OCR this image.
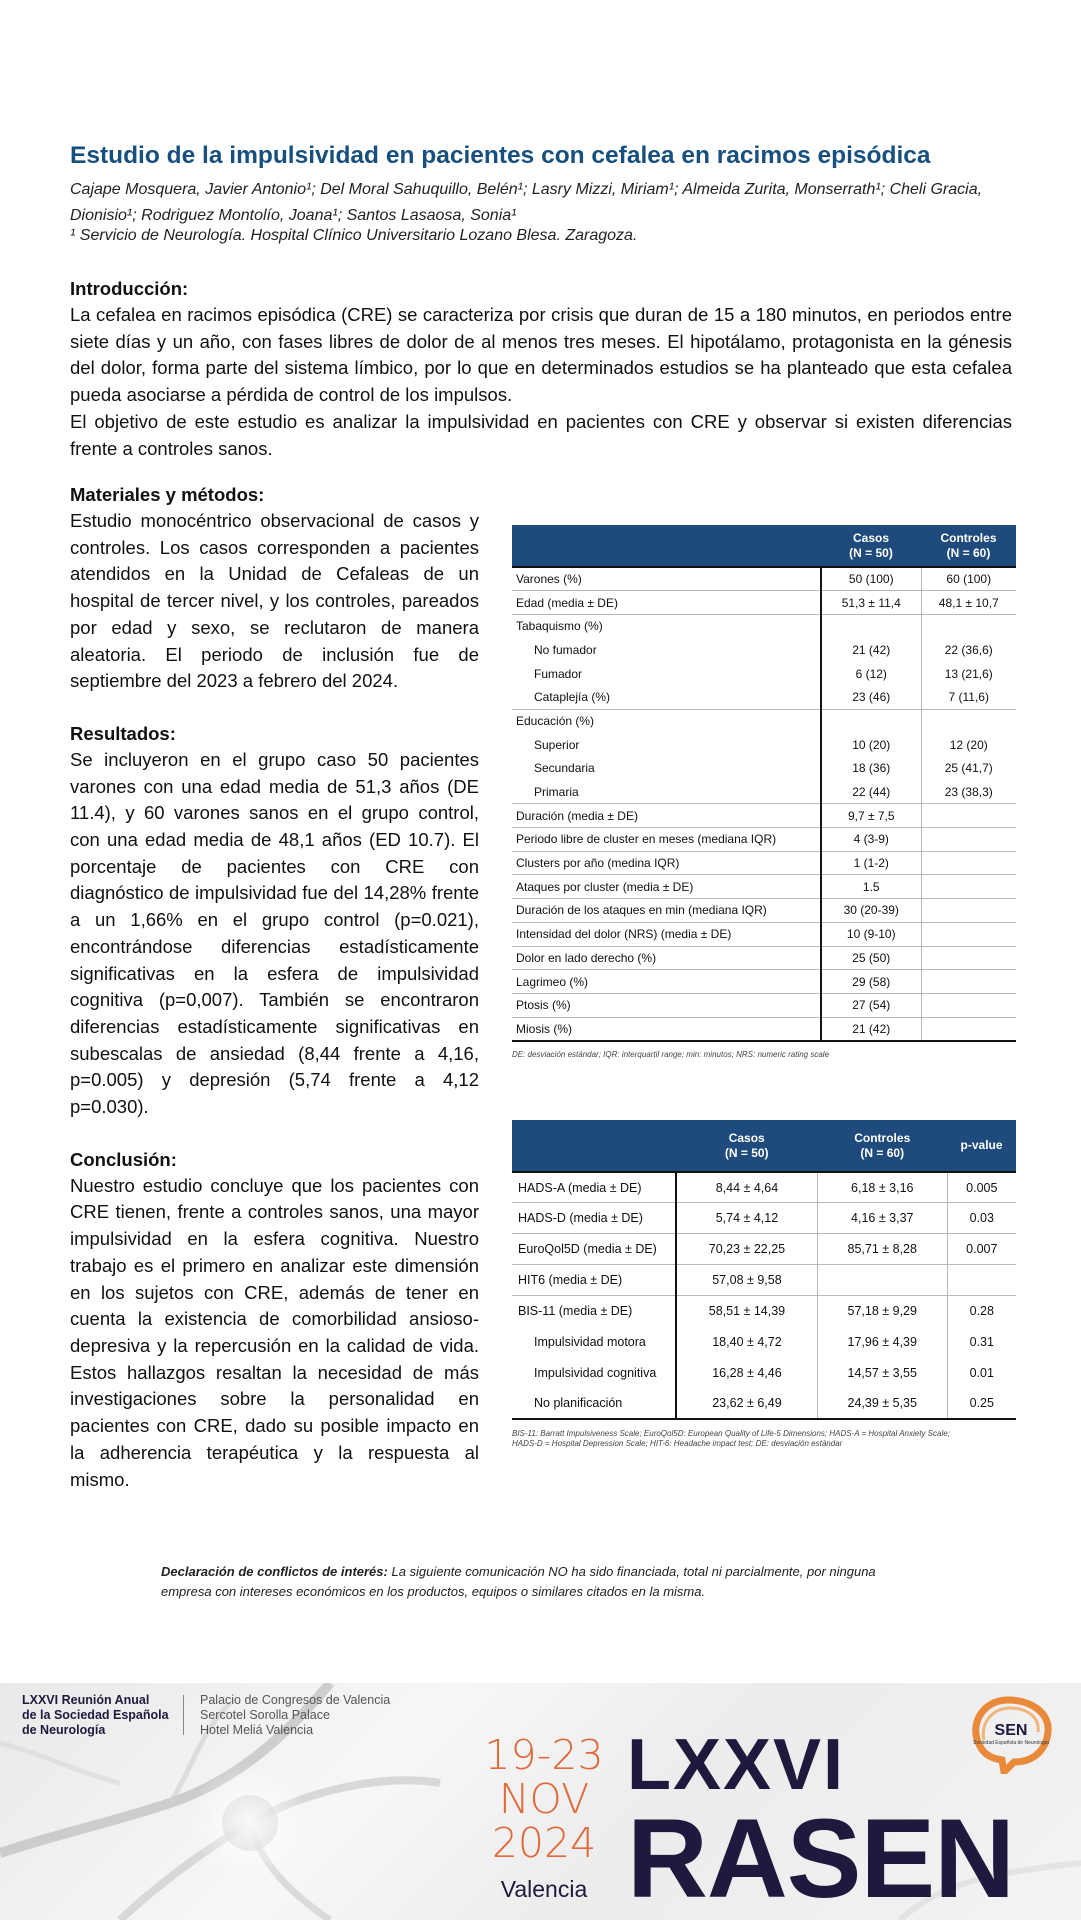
Estudio de la impulsividad en pacientes con cefalea en racimos episódica
Cajape Mosquera, Javier Antonio¹; Del Moral Sahuquillo, Belén¹; Lasry Mizzi, Miriam¹; Almeida Zurita, Monserrath¹; Cheli Gracia, Dionisio¹; Rodriguez Montolío, Joana¹; Santos Lasaosa, Sonia¹
¹ Servicio de Neurología. Hospital Clínico Universitario Lozano Blesa. Zaragoza.
Introducción:
La cefalea en racimos episódica (CRE) se caracteriza por crisis que duran de 15 a 180 minutos, en periodos entre siete días y un año, con fases libres de dolor de al menos tres meses. El hipotálamo, protagonista en la génesis del dolor, forma parte del sistema límbico, por lo que en determinados estudios se ha planteado que esta cefalea pueda asociarse a pérdida de control de los impulsos.
El objetivo de este estudio es analizar la impulsividad en pacientes con CRE y observar si existen diferencias frente a controles sanos.
Materiales y métodos:
Estudio monocéntrico observacional de casos y controles. Los casos corresponden a pacientes atendidos en la Unidad de Cefaleas de un hospital de tercer nivel, y los controles, pareados por edad y sexo, se reclutaron de manera aleatoria. El periodo de inclusión fue de septiembre del 2023 a febrero del 2024.
Resultados:
Se incluyeron en el grupo caso 50 pacientes varones con una edad media de 51,3 años (DE 11.4), y 60 varones sanos en el grupo control, con una edad media de 48,1 años (ED 10.7). El porcentaje de pacientes con CRE con diagnóstico de impulsividad fue del 14,28% frente a un 1,66% en el grupo control (p=0.021), encontrándose diferencias estadísticamente significativas en la esfera de impulsividad cognitiva (p=0,007). También se encontraron diferencias estadísticamente significativas en subescalas de ansiedad (8,44 frente a 4,16, p=0.005) y depresión (5,74 frente a 4,12 p=0.030).
Conclusión:
Nuestro estudio concluye que los pacientes con CRE tienen, frente a controles sanos, una mayor impulsividad en la esfera cognitiva. Nuestro trabajo es el primero en analizar este dimensión en los sujetos con CRE, además de tener en cuenta la existencia de comorbilidad ansioso-depresiva y la repercusión en la calidad de vida. Estos hallazgos resaltan la necesidad de más investigaciones sobre la personalidad en pacientes con CRE, dado su posible impacto en la adherencia terapéutica y la respuesta al mismo.
	Casos
(N = 50)	Controles
(N = 60)
Varones (%)	50 (100)	60 (100)
Edad (media ± DE)	51,3 ± 11,4	48,1 ± 10,7
Tabaquismo (%)		
No fumador	21 (42)	22 (36,6)
Fumador	6 (12)	13 (21,6)
Cataplejía (%)	23 (46)	7 (11,6)
Educación (%)		
Superior	10 (20)	12 (20)
Secundaria	18 (36)	25 (41,7)
Primaria	22 (44)	23 (38,3)
Duración (media ± DE)	9,7 ± 7,5	
Periodo libre de cluster en meses (mediana IQR)	4 (3-9)	
Clusters por año (medina IQR)	1 (1-2)	
Ataques por cluster (media ± DE)	1.5	
Duración de los ataques en min (mediana IQR)	30 (20-39)	
Intensidad del dolor (NRS) (media ± DE)	10 (9-10)	
Dolor en lado derecho (%)	25 (50)	
Lagrimeo (%)	29 (58)	
Ptosis (%)	27 (54)	
Miosis (%)	21 (42)	
DE: desviación estándar; IQR: interquartil range; min: minutos; NRS: numeric rating scale
	Casos
(N = 50)	Controles
(N = 60)	p-value
HADS-A (media ± DE)	8,44 ± 4,64	6,18 ± 3,16	0.005
HADS-D (media ± DE)	5,74 ± 4,12	4,16 ± 3,37	0.03
EuroQol5D (media ± DE)	70,23 ± 22,25	85,71 ± 8,28	0.007
HIT6 (media ± DE)	57,08 ± 9,58		
BIS-11 (media ± DE)	58,51 ± 14,39	57,18 ± 9,29	0.28
Impulsividad motora	18,40 ± 4,72	17,96 ± 4,39	0.31
Impulsividad cognitiva	16,28 ± 4,46	14,57 ± 3,55	0.01
No planificación	23,62 ± 6,49	24,39 ± 5,35	0.25
BIS-11: Barratt Impulsiveness Scale; EuroQol5D: European Quality of Life-5 Dimensions; HADS-A = Hospital Anxiety Scale; HADS-D = Hospital Depression Scale; HIT-6: Headache impact test; DE: desviación estándar
Declaración de conflictos de interés: La siguiente comunicación NO ha sido financiada, total ni parcialmente, por ninguna empresa con intereses económicos en los productos, equipos o similares citados en la misma.
LXXVI Reunión Anual
de la Sociedad Española
de Neurología
Palacio de Congresos de Valencia
Sercotel Sorolla Palace
Hotel Meliá Valencia
19-23
NOV
2024
Valencia
LXXVI
RASEN
SEN
Sociedad Española de Neurología
